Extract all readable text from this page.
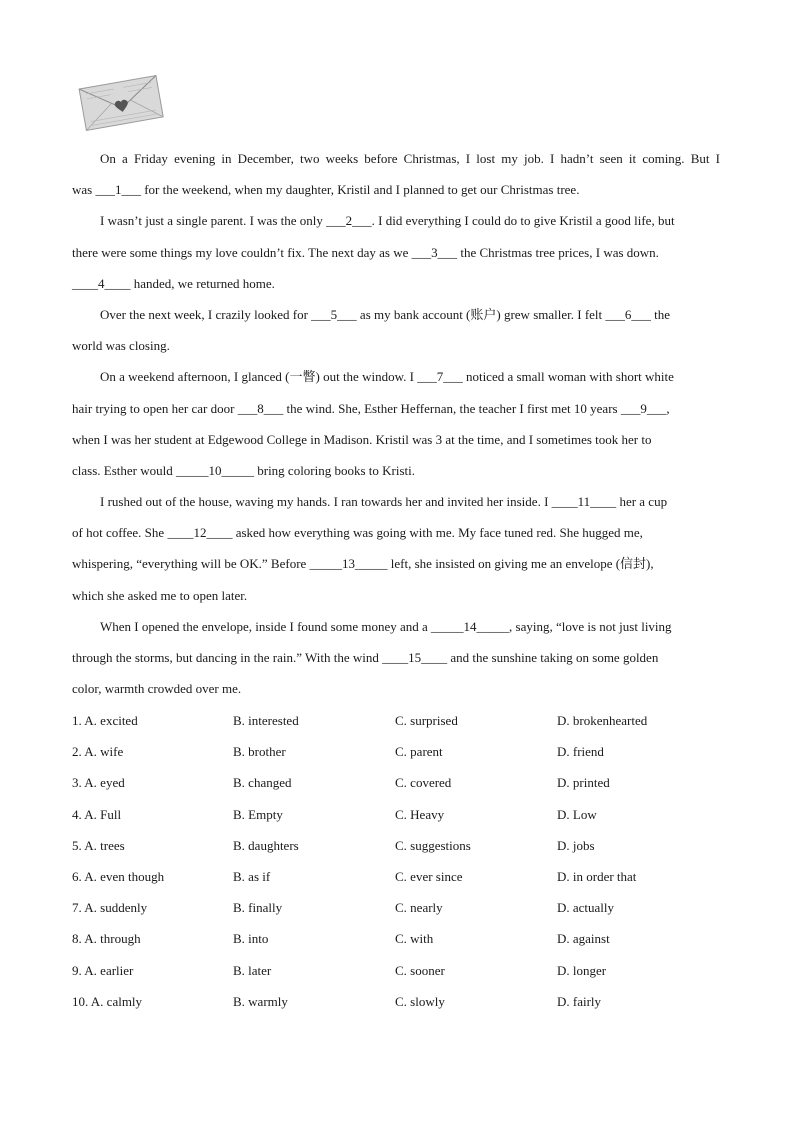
On a Friday evening in December, two weeks before Christmas, I lost my job. I hadn’t seen it coming. But I
was ___1___ for the weekend, when my daughter, Kristil and I planned to get our Christmas tree.
I wasn’t just a single parent. I was the only ___2___. I did everything I could do to give Kristil a good life, but
there were some things my love couldn’t fix. The next day as we ___3___ the Christmas tree prices, I was down.
____4____ handed, we returned home.
Over the next week, I crazily looked for ___5___ as my bank account (账户) grew smaller. I felt ___6___ the
world was closing.
On a weekend afternoon, I glanced (一瞥) out the window. I ___7___ noticed a small woman with short white
hair trying to open her car door ___8___ the wind. She, Esther Heffernan, the teacher I first met 10 years ___9___,
when I was her student at Edgewood College in Madison. Kristil was 3 at the time, and I sometimes took her to
class. Esther would _____10_____ bring coloring books to Kristi.
I rushed out of the house, waving my hands. I ran towards her and invited her inside. I ____11____ her a cup
of hot coffee. She ____12____ asked how everything was going with me. My face tuned red. She hugged me,
whispering, “everything will be OK.” Before _____13_____ left, she insisted on giving me an envelope (信封),
which she asked me to open later.
When I opened the envelope, inside I found some money and a _____14_____, saying, “love is not just living
through the storms, but dancing in the rain.” With the wind ____15____ and the sunshine taking on some golden
color, warmth crowded over me.
1. A. excited	B. interested	C. surprised	D. brokenhearted
2. A. wife	B. brother	C. parent	D. friend
3. A. eyed	B. changed	C. covered	D. printed
4. A. Full	B. Empty	C. Heavy	D. Low
5. A. trees	B. daughters	C. suggestions	D. jobs
6. A. even though	B. as if	C. ever since	D. in order that
7. A. suddenly	B. finally	C. nearly	D. actually
8. A. through	B. into	C. with	D. against
9. A. earlier	B. later	C. sooner	D. longer
10. A. calmly	B. warmly	C. slowly	D. fairly
